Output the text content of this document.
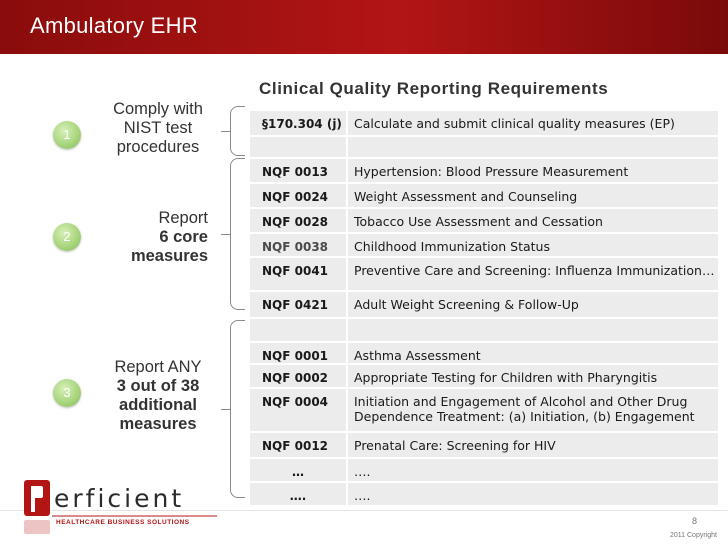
Ambulatory EHR
Clinical Quality Reporting Requirements
1
Comply with
NIST test
procedures
2
Report
6 core
measures
3
Report ANY
3 out of 38
additional
measures
§170.304 (j) Calculate and submit clinical quality measures (EP)
NQF 0013	Hypertension: Blood Pressure Measurement
NQF 0024	Weight Assessment and Counseling
NQF 0028	Tobacco Use Assessment and Cessation
NQF 0038	Childhood Immunization Status
NQF 0041	Preventive Care and Screening: Influenza Immunization…
NQF 0421	Adult Weight Screening & Follow-Up
NQF 0001	Asthma Assessment
NQF 0002	Appropriate Testing for Children with Pharyngitis
NQF 0004	Initiation and Engagement of Alcohol and Other Drug Dependence Treatment: (a) Initiation, (b) Engagement
NQF 0012	Prenatal Care: Screening for HIV
…	….
….	….
erficient
HEALTHCARE BUSINESS SOLUTIONS	8
2011 Copyright
